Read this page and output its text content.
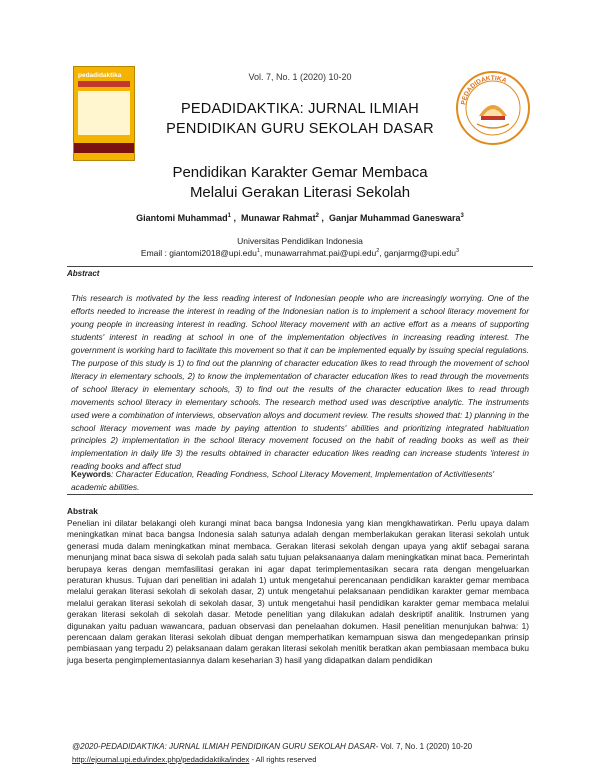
pedadidaktika
PEDADIDAKTIKA
Vol. 7, No. 1 (2020) 10-20
PEDADIDAKTIKA: JURNAL ILMIAH
PENDIDIKAN GURU SEKOLAH DASAR
Pendidikan Karakter Gemar Membaca
Melalui Gerakan Literasi Sekolah
Giantomi Muhammad$^1$ ,  Munawar Rahmat$^2$ ,  Ganjar Muhammad Ganeswara$^3$
Universitas Pendidikan Indonesia
Email : giantomi2018@upi.edu$^1$, munawarrahmat.pai@upi.edu$^2$, ganjarmg@upi.edu$^3$
Abstract
This research is motivated by the less reading interest of Indonesian people who are increasingly worrying. One of the efforts needed to increase the interest in reading of the Indonesian nation is to implement a school literacy movement for young people in increasing interest in reading. School literacy movement with an active effort as a means of supporting students' interest in reading at school in one of the implementation objectives in increasing reading interest. The government is working hard to facilitate this movement so that it can be implemented equally by issuing special regulations. The purpose of this study is 1) to find out the planning of character education likes to read through the movement of school literacy in elementary schools, 2) to know the implementation of character education likes to read through the movements of school literacy in elementary schools, 3) to find out the results of the character education likes to read through movements school literacy in elementary schools. The research method used was descriptive analytic. The instruments used were a combination of interviews, observation alloys and document review. The results showed that: 1) planning in the school literacy movement was made by paying attention to students' abilities and prioritizing integrated habituation principles 2) implementation in the school literacy movement focused on the habit of reading books as well as their implementation in daily life 3) the results obtained in character education likes reading can increase students 'interest in reading books and affect stud
Keywords: Character Education, Reading Fondness, School Literacy Movement, Implementation of Activitiesents' academic abilities.
Abstrak
Penelian ini dilatar belakangi oleh kurangi minat baca bangsa Indonesia yang kian mengkhawatirkan. Perlu upaya dalam meningkatkan minat baca bangsa Indonesia salah satunya adalah dengan memberlakukan gerakan literasi sekolah untuk generasi muda dalam meningkatkan minat membaca. Gerakan literasi sekolah dengan upaya yang aktif sebagai sarana menunjang minat baca siswa di sekolah pada salah satu tujuan pelaksanaanya dalam meningkatkan minat baca. Pemerintah berupaya keras dengan memfasilitasi gerakan ini agar dapat terimplementasikan secara rata dengan mengeluarkan peraturan khusus. Tujuan dari penelitian ini adalah 1) untuk mengetahui perencanaan pendidikan karakter gemar membaca melalui gerakan literasi sekolah di sekolah dasar, 2) untuk mengetahui pelaksanaan pendidikan karakter gemar membaca melalui gerakan literasi sekolah di sekolah dasar, 3) untuk mengetahui hasil pendidikan karakter gemar membaca melalui gerakan literasi sekolah di sekolah dasar. Metode penelitian yang dilakukan adalah deskriptif analitik. Instrumen yang digunakan yaitu paduan wawancara, paduan observasi dan penelaahan dokumen. Hasil penelitian menunjukan bahwa: 1) perencaan dalam gerakan literasi sekolah dibuat dengan memperhatikan kemampuan siswa dan mengedepankan prinsip pembiasaan yang terpadu 2) pelaksanaan dalam gerakan literasi sekolah menitik beratkan akan pembiasaan membaca buku juga beserta pengimplementasiannya dalam keseharian 3) hasil yang didapatkan dalam pendidikan
@2020-PEDADIDAKTIKA: JURNAL ILMIAH PENDIDIKAN GURU SEKOLAH DASAR- Vol. 7, No. 1 (2020) 10-20
http://ejournal.upi.edu/index.php/pedadidaktika/index - All rights reserved
